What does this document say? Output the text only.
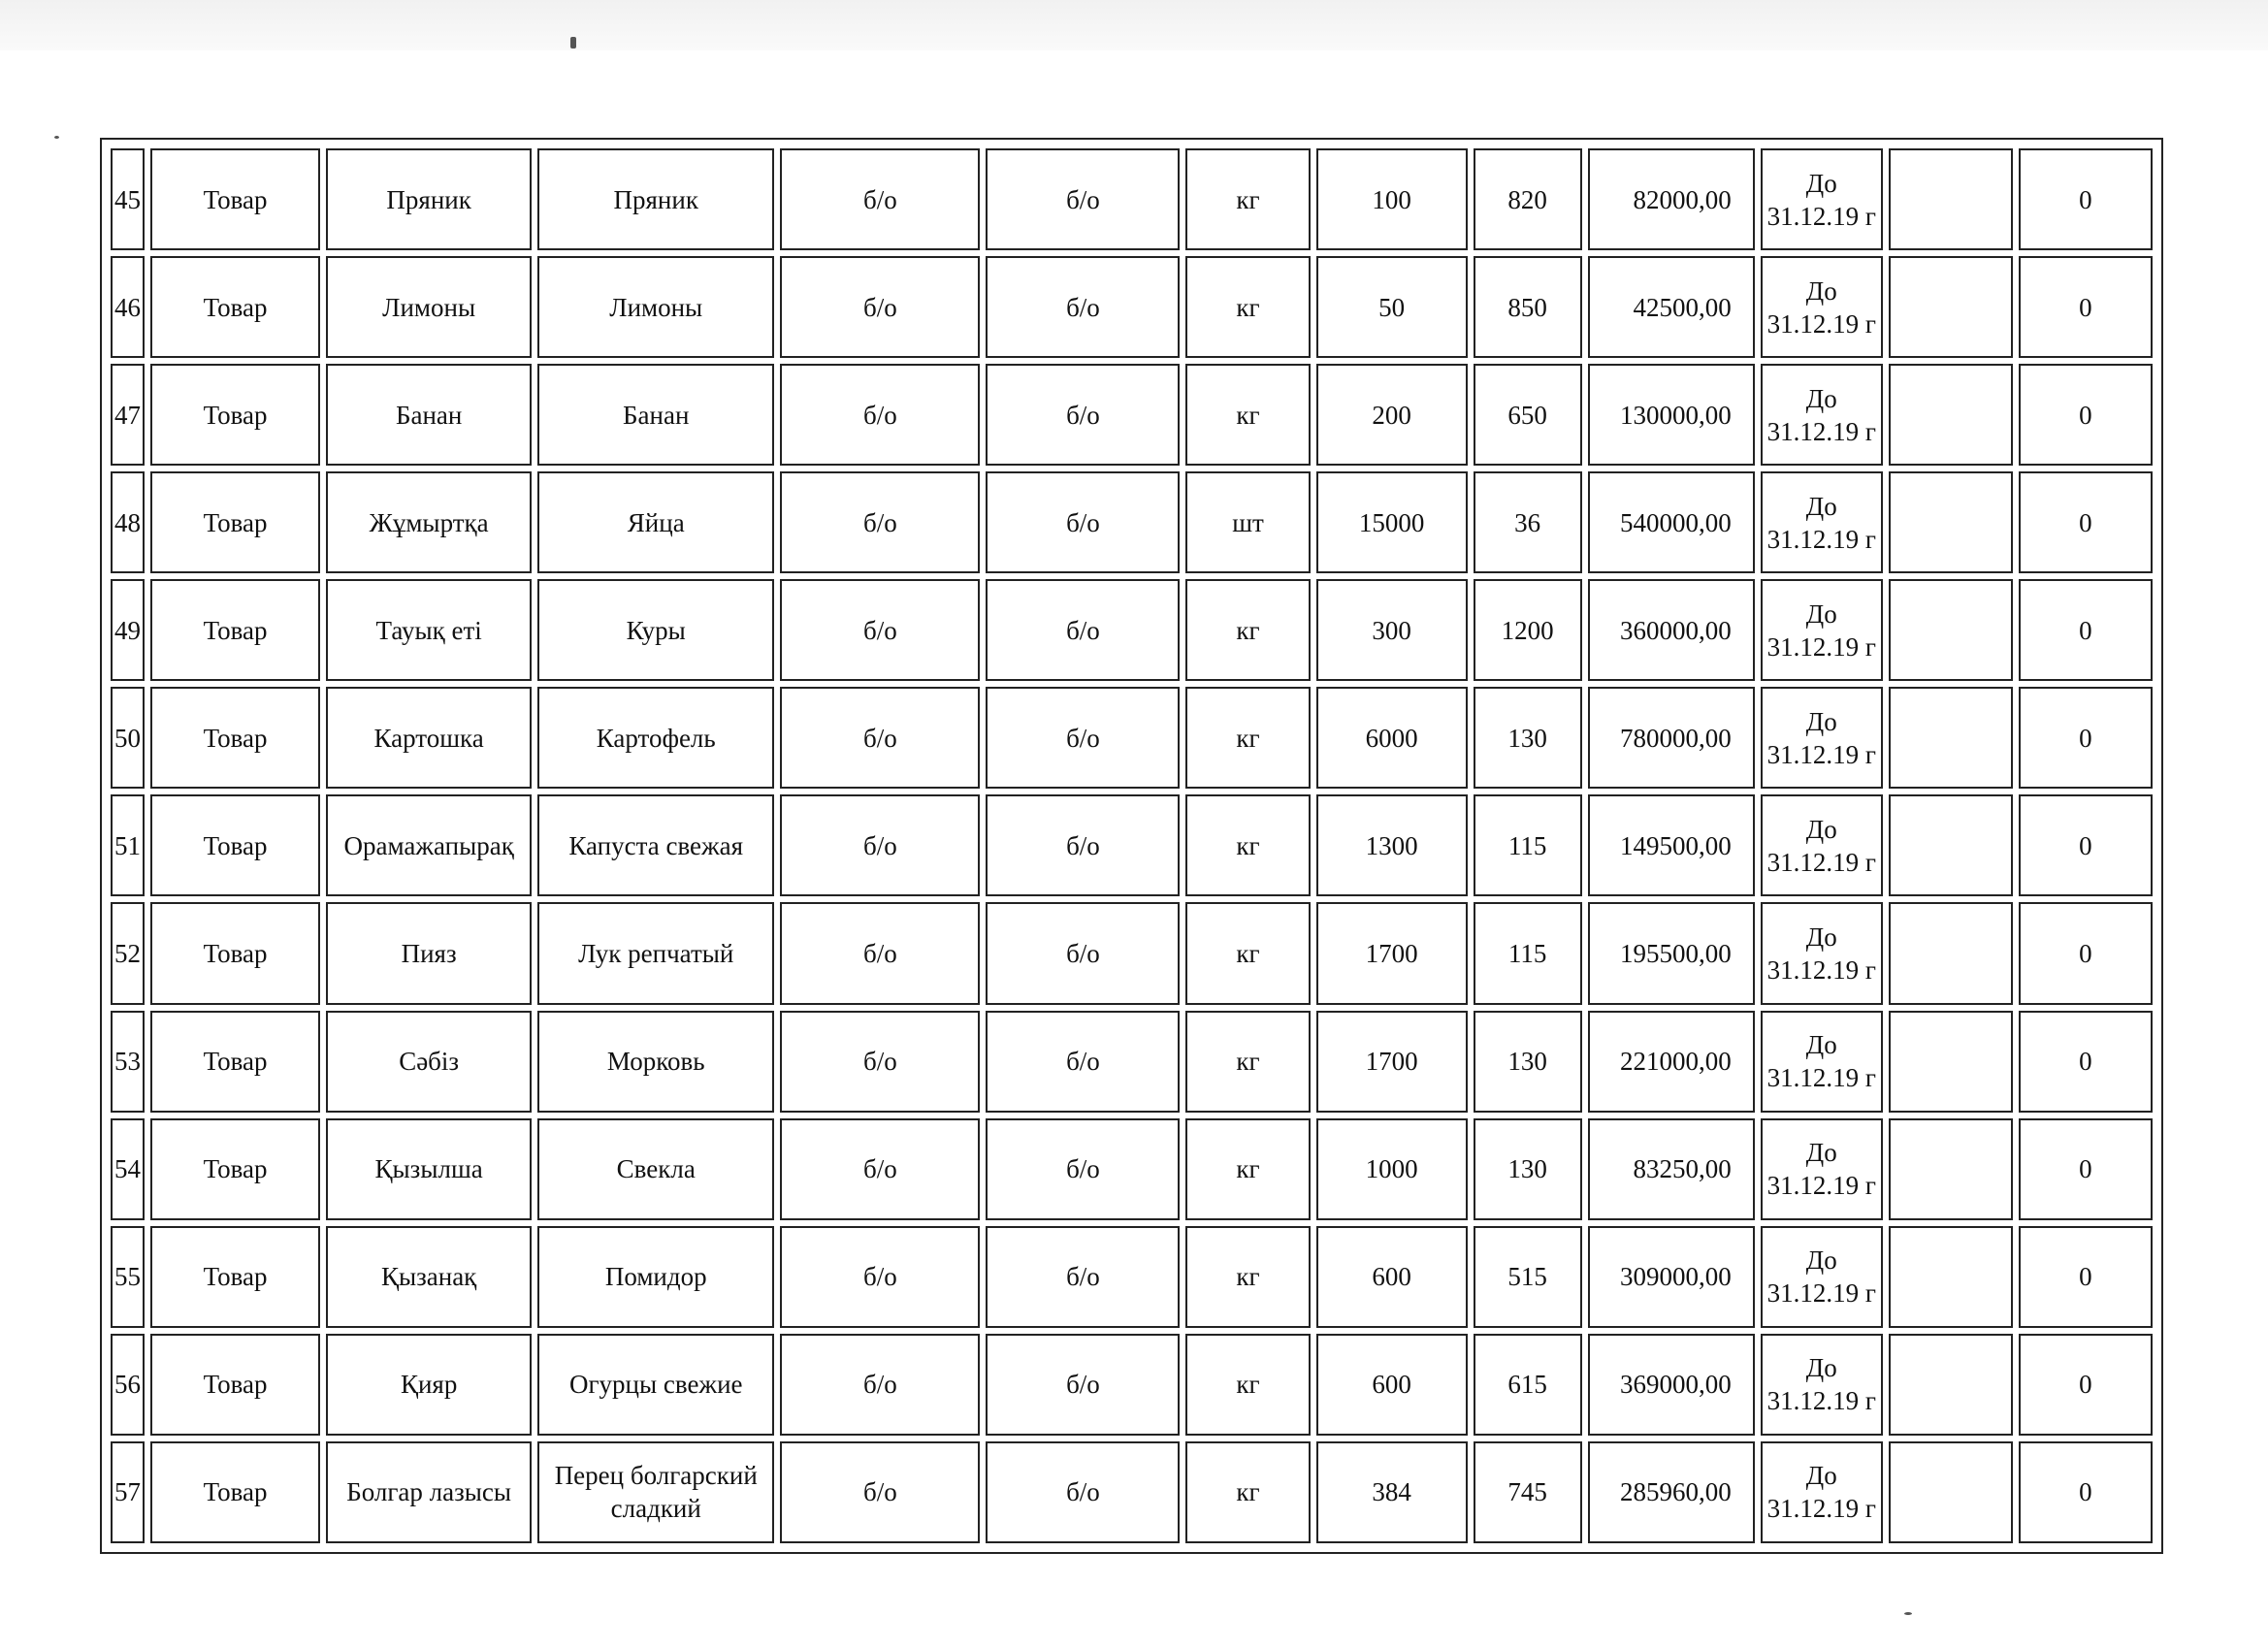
45	Товар	Пряник	Пряник	б/о	б/о	кг	100	820	82000,00	До 31.12.19 г		0
46	Товар	Лимоны	Лимоны	б/о	б/о	кг	50	850	42500,00	До 31.12.19 г		0
47	Товар	Банан	Банан	б/о	б/о	кг	200	650	130000,00	До 31.12.19 г		0
48	Товар	Жұмыртқа	Яйца	б/о	б/о	шт	15000	36	540000,00	До 31.12.19 г		0
49	Товар	Тауық еті	Куры	б/о	б/о	кг	300	1200	360000,00	До 31.12.19 г		0
50	Товар	Картошка	Картофель	б/о	б/о	кг	6000	130	780000,00	До 31.12.19 г		0
51	Товар	Орамажапырақ	Капуста свежая	б/о	б/о	кг	1300	115	149500,00	До 31.12.19 г		0
52	Товар	Пияз	Лук репчатый	б/о	б/о	кг	1700	115	195500,00	До 31.12.19 г		0
53	Товар	Сәбіз	Морковь	б/о	б/о	кг	1700	130	221000,00	До 31.12.19 г		0
54	Товар	Қызылша	Свекла	б/о	б/о	кг	1000	130	83250,00	До 31.12.19 г		0
55	Товар	Қызанақ	Помидор	б/о	б/о	кг	600	515	309000,00	До 31.12.19 г		0
56	Товар	Қияр	Огурцы свежие	б/о	б/о	кг	600	615	369000,00	До 31.12.19 г		0
57	Товар	Болгар лазысы	Перец болгарский сладкий	б/о	б/о	кг	384	745	285960,00	До 31.12.19 г		0
